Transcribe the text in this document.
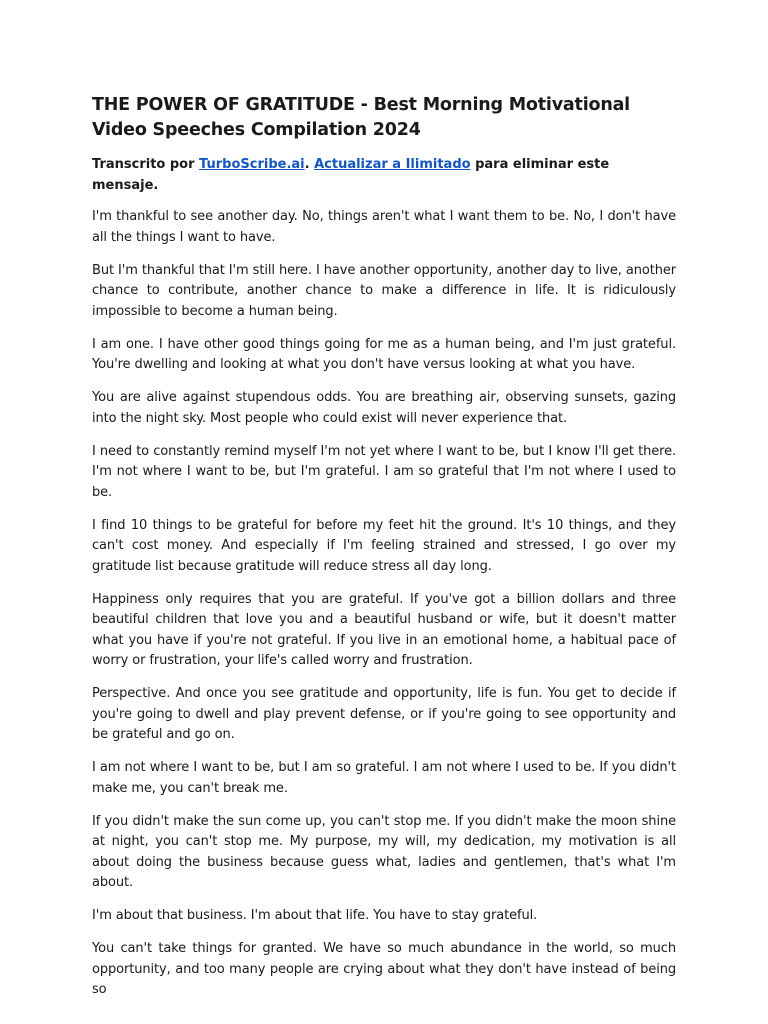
THE POWER OF GRATITUDE - Best Morning Motivational Video Speeches Compilation 2024

Transcrito por TurboScribe.ai. Actualizar a Ilimitado para eliminar este mensaje.

I'm thankful to see another day. No, things aren't what I want them to be. No, I don't have all the things I want to have.

But I'm thankful that I'm still here. I have another opportunity, another day to live, another chance to contribute, another chance to make a difference in life. It is ridiculously impossible to become a human being.

I am one. I have other good things going for me as a human being, and I'm just grateful. You're dwelling and looking at what you don't have versus looking at what you have.

You are alive against stupendous odds. You are breathing air, observing sunsets, gazing into the night sky. Most people who could exist will never experience that.

I need to constantly remind myself I'm not yet where I want to be, but I know I'll get there. I'm not where I want to be, but I'm grateful. I am so grateful that I'm not where I used to be.

I find 10 things to be grateful for before my feet hit the ground. It's 10 things, and they can't cost money. And especially if I'm feeling strained and stressed, I go over my gratitude list because gratitude will reduce stress all day long.

Happiness only requires that you are grateful. If you've got a billion dollars and three beautiful children that love you and a beautiful husband or wife, but it doesn't matter what you have if you're not grateful. If you live in an emotional home, a habitual pace of worry or frustration, your life's called worry and frustration.

Perspective. And once you see gratitude and opportunity, life is fun. You get to decide if you're going to dwell and play prevent defense, or if you're going to see opportunity and be grateful and go on.

I am not where I want to be, but I am so grateful. I am not where I used to be. If you didn't make me, you can't break me.

If you didn't make the sun come up, you can't stop me. If you didn't make the moon shine at night, you can't stop me. My purpose, my will, my dedication, my motivation is all about doing the business because guess what, ladies and gentlemen, that's what I'm about.

I'm about that business. I'm about that life. You have to stay grateful.

You can't take things for granted. We have so much abundance in the world, so much opportunity, and too many people are crying about what they don't have instead of being so
